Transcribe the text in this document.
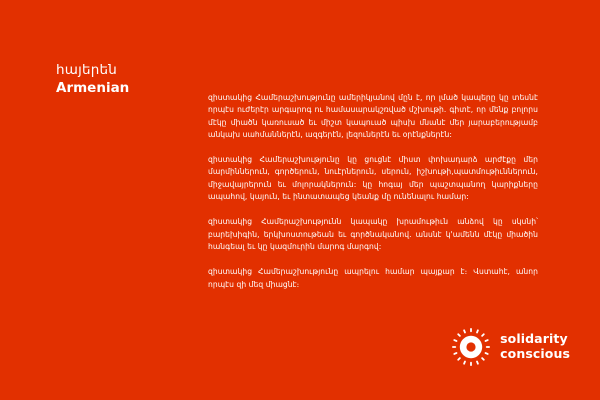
հայերեն

Armenian

զիստակից Համերաշխությունը ամերիկյանով մըն է, որ լմած կապերը կը տեսնէ որպէս ուժերէր արգարոգ ու համասարակշռված մշխութի. գիտէ, որ մենք բոլորս մէկը միածն կառուսած եւ միշտ կապուած պիսխ մնանէ մեր յարաբերությամբ անկախ սահմաններէն, ազգերէն, լեզուներէն եւ օրէնքներէն:

զիստակից Համերաշխությունը կը ցուցնէ միստ փոխադարձ արժէքը մեր մարմիններուն, գործերուն, նուէրներուն, սերուն, իշխութի,պատմութիւններուն, միջավայրերուն եւ մոլորակներուն: կը հոգայ մեր պաշտպանող կարիքները ապահով, կայուն, եւ ինտատապեց կեանք մը ունենալու համար:

զիստակից Համերաշխությունն կապակը խրամութիւն անձով կը սկսնի՝ բարեխիգին, երկխոստութեան եւ գործնականով. անսնէ կ'ամենն մէկը միածին հանգեալ եւ կը կազմուրին մարոգ մարգով:

զիստակից Համերաշխությունը ապրելու համար պայքար է։ Վստահէ, անոր որպէս զի մեզ միացնէ։

solidarity
conscious
